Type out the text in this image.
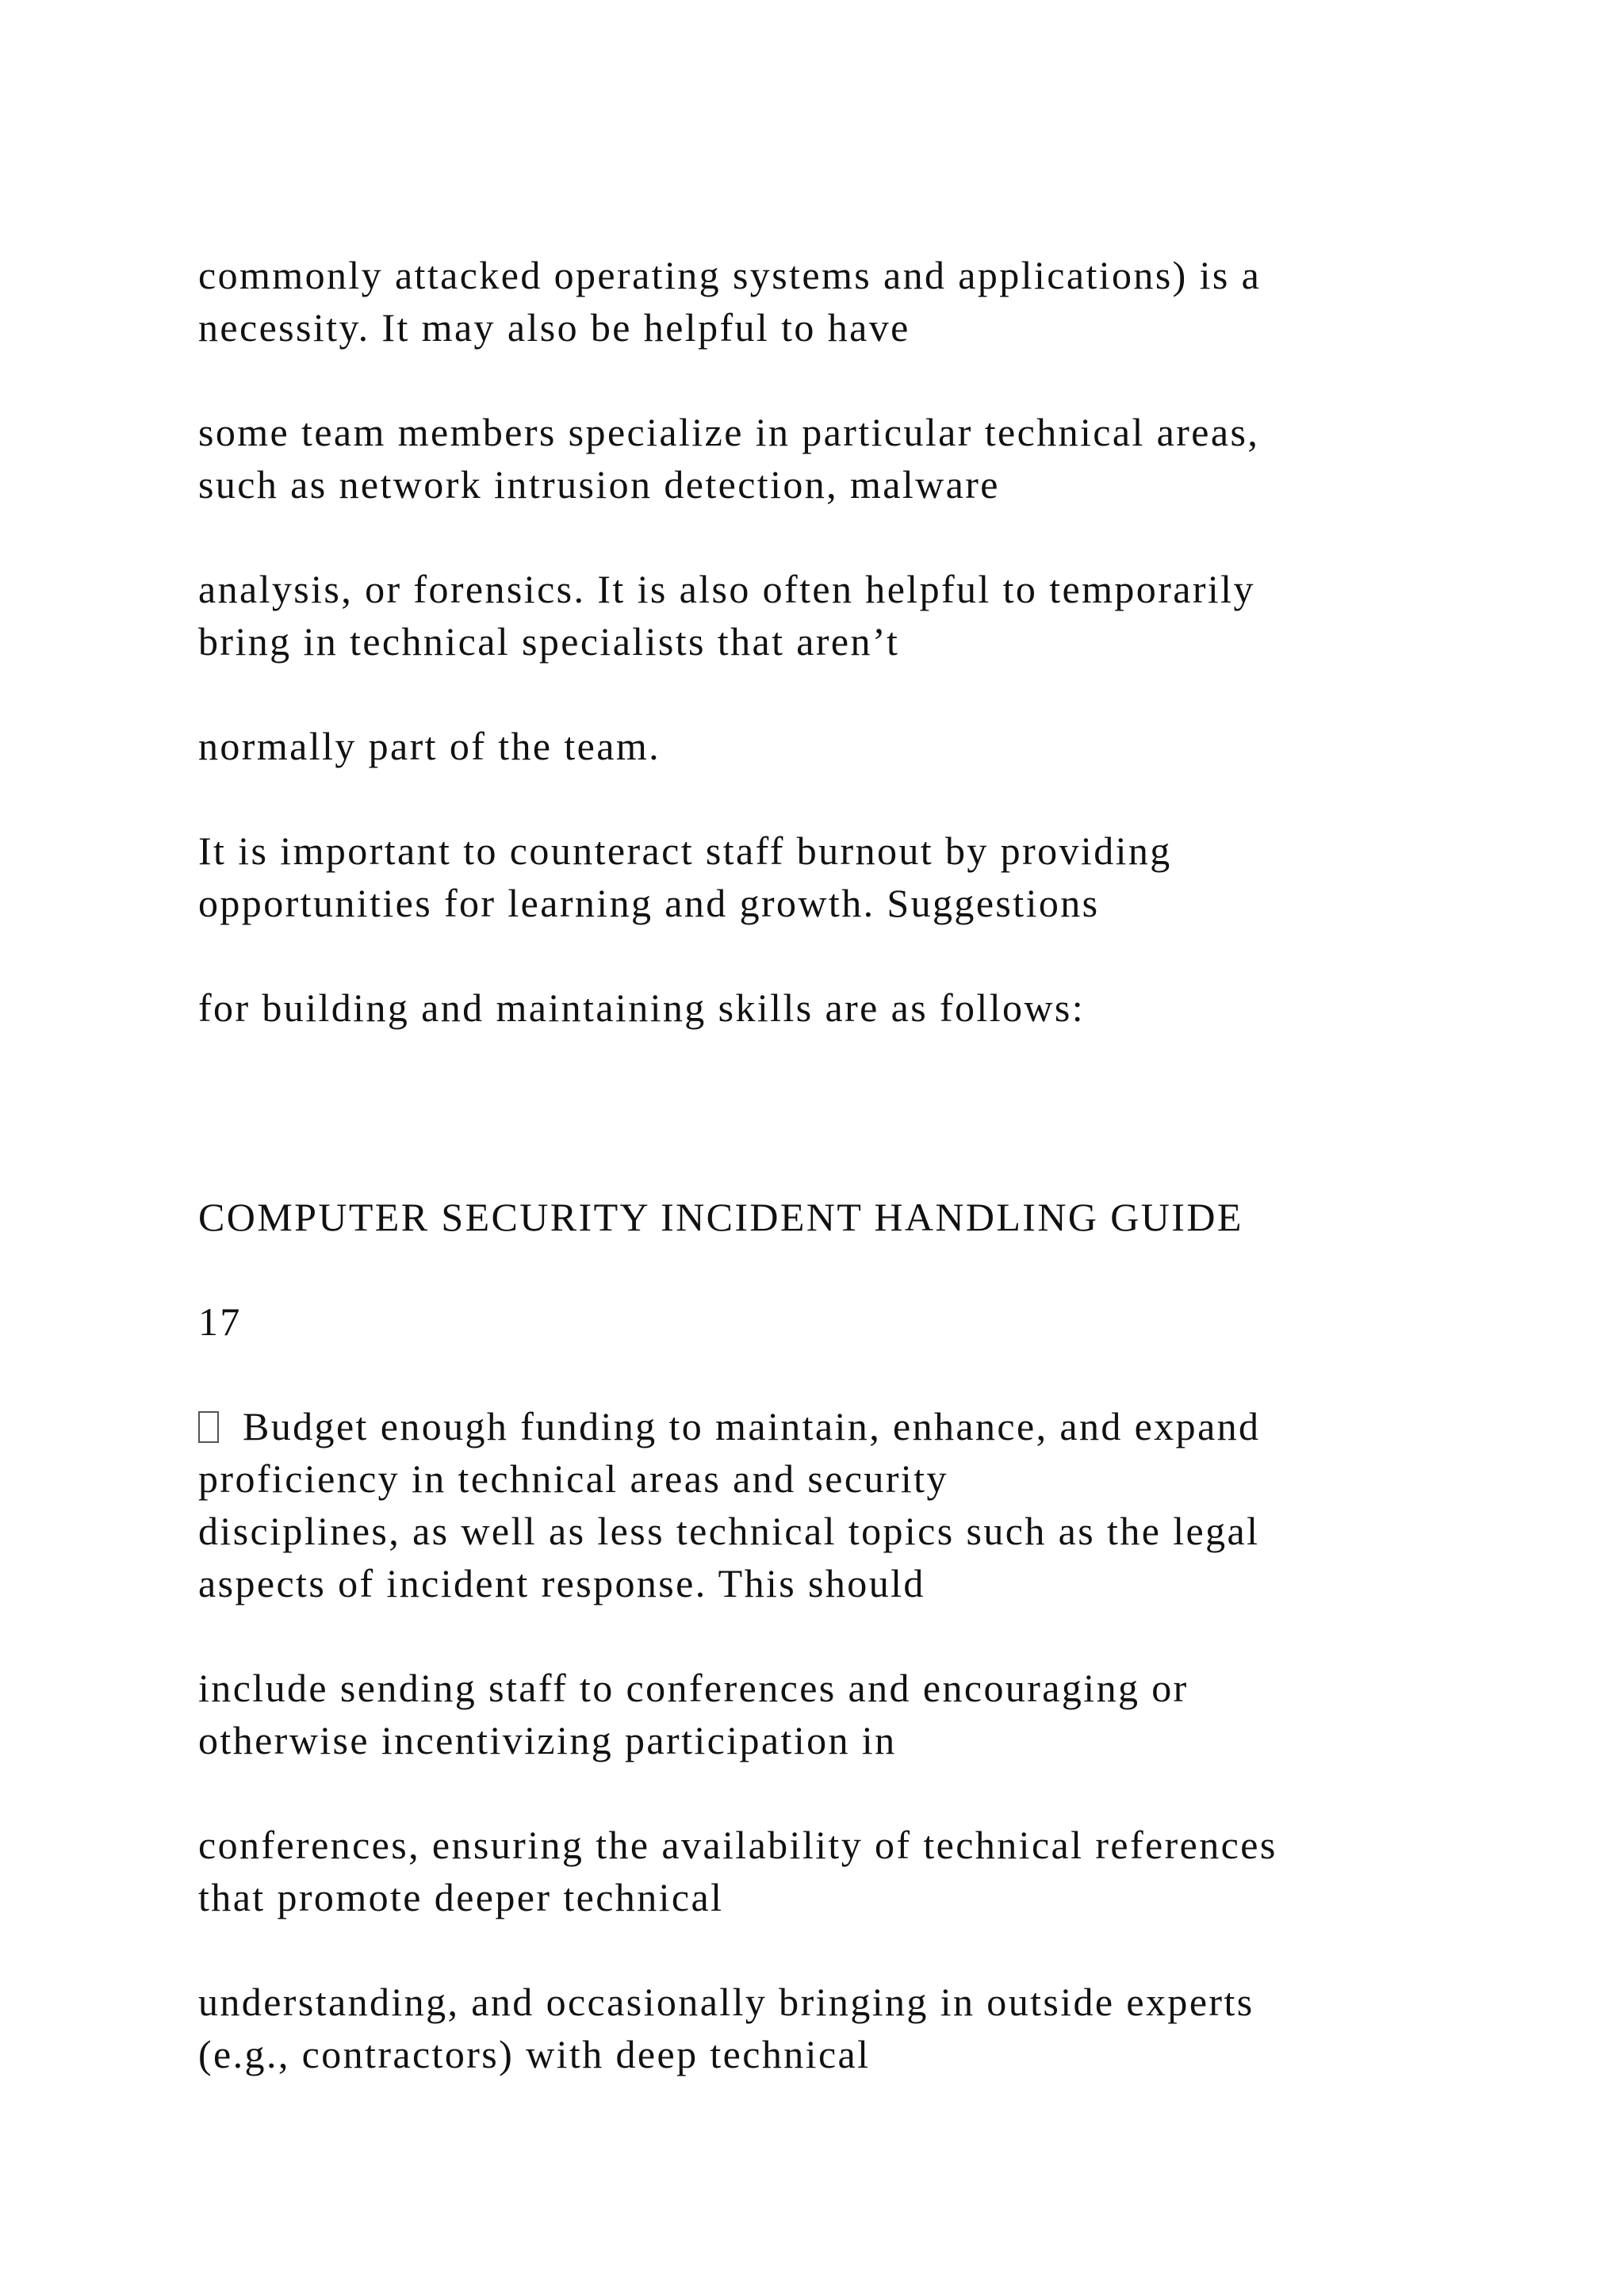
commonly attacked operating systems and applications) is a
necessity. It may also be helpful to have
some team members specialize in particular technical areas,
such as network intrusion detection, malware
analysis, or forensics. It is also often helpful to temporarily
bring in technical specialists that aren’t
normally part of the team.
It is important to counteract staff burnout by providing
opportunities for learning and growth. Suggestions
for building and maintaining skills are as follows:
COMPUTER SECURITY INCIDENT HANDLING GUIDE
17
Budget enough funding to maintain, enhance, and expand
proficiency in technical areas and security
disciplines, as well as less technical topics such as the legal
aspects of incident response. This should
include sending staff to conferences and encouraging or
otherwise incentivizing participation in
conferences, ensuring the availability of technical references
that promote deeper technical
understanding, and occasionally bringing in outside experts
(e.g., contractors) with deep technical
